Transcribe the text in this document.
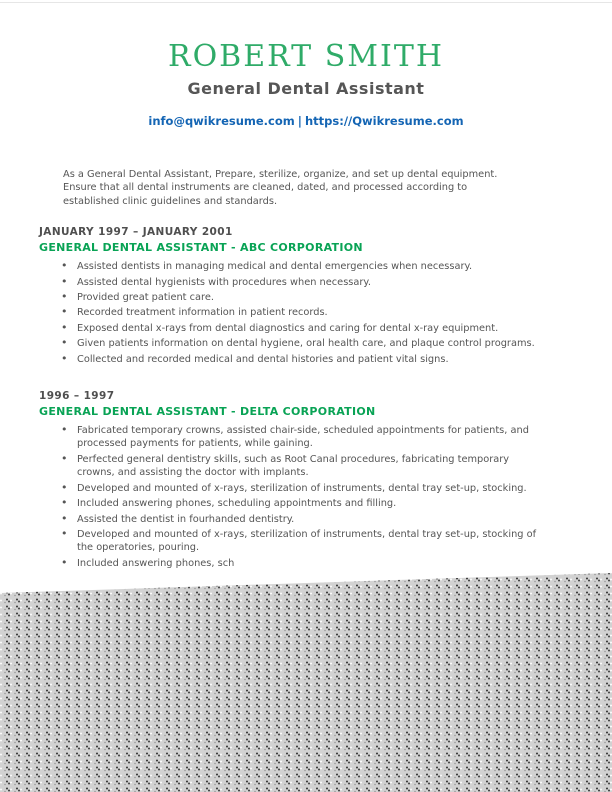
ROBERT SMITH
General Dental Assistant
info@qwikresume.com | https://Qwikresume.com

As a General Dental Assistant, Prepare, sterilize, organize, and set up dental equipment. Ensure that all dental instruments are cleaned, dated, and processed according to established clinic guidelines and standards.

JANUARY 1997 – JANUARY 2001
GENERAL DENTAL ASSISTANT - ABC CORPORATION
• Assisted dentists in managing medical and dental emergencies when necessary.
• Assisted dental hygienists with procedures when necessary.
• Provided great patient care.
• Recorded treatment information in patient records.
• Exposed dental x-rays from dental diagnostics and caring for dental x-ray equipment.
• Given patients information on dental hygiene, oral health care, and plaque control programs.
• Collected and recorded medical and dental histories and patient vital signs.
1996 – 1997
GENERAL DENTAL ASSISTANT - DELTA CORPORATION
• Fabricated temporary crowns, assisted chair-side, scheduled appointments for patients, and processed payments for patients, while gaining.
• Perfected general dentistry skills, such as Root Canal procedures, fabricating temporary crowns, and assisting the doctor with implants.
• Developed and mounted of x-rays, sterilization of instruments, dental tray set-up, stocking.
• Included answering phones, scheduling appointments and filling.
• Assisted the dentist in fourhanded dentistry.
• Developed and mounted of x-rays, sterilization of instruments, dental tray set-up, stocking of the operatories, pouring.
• Included answering phones, sch
